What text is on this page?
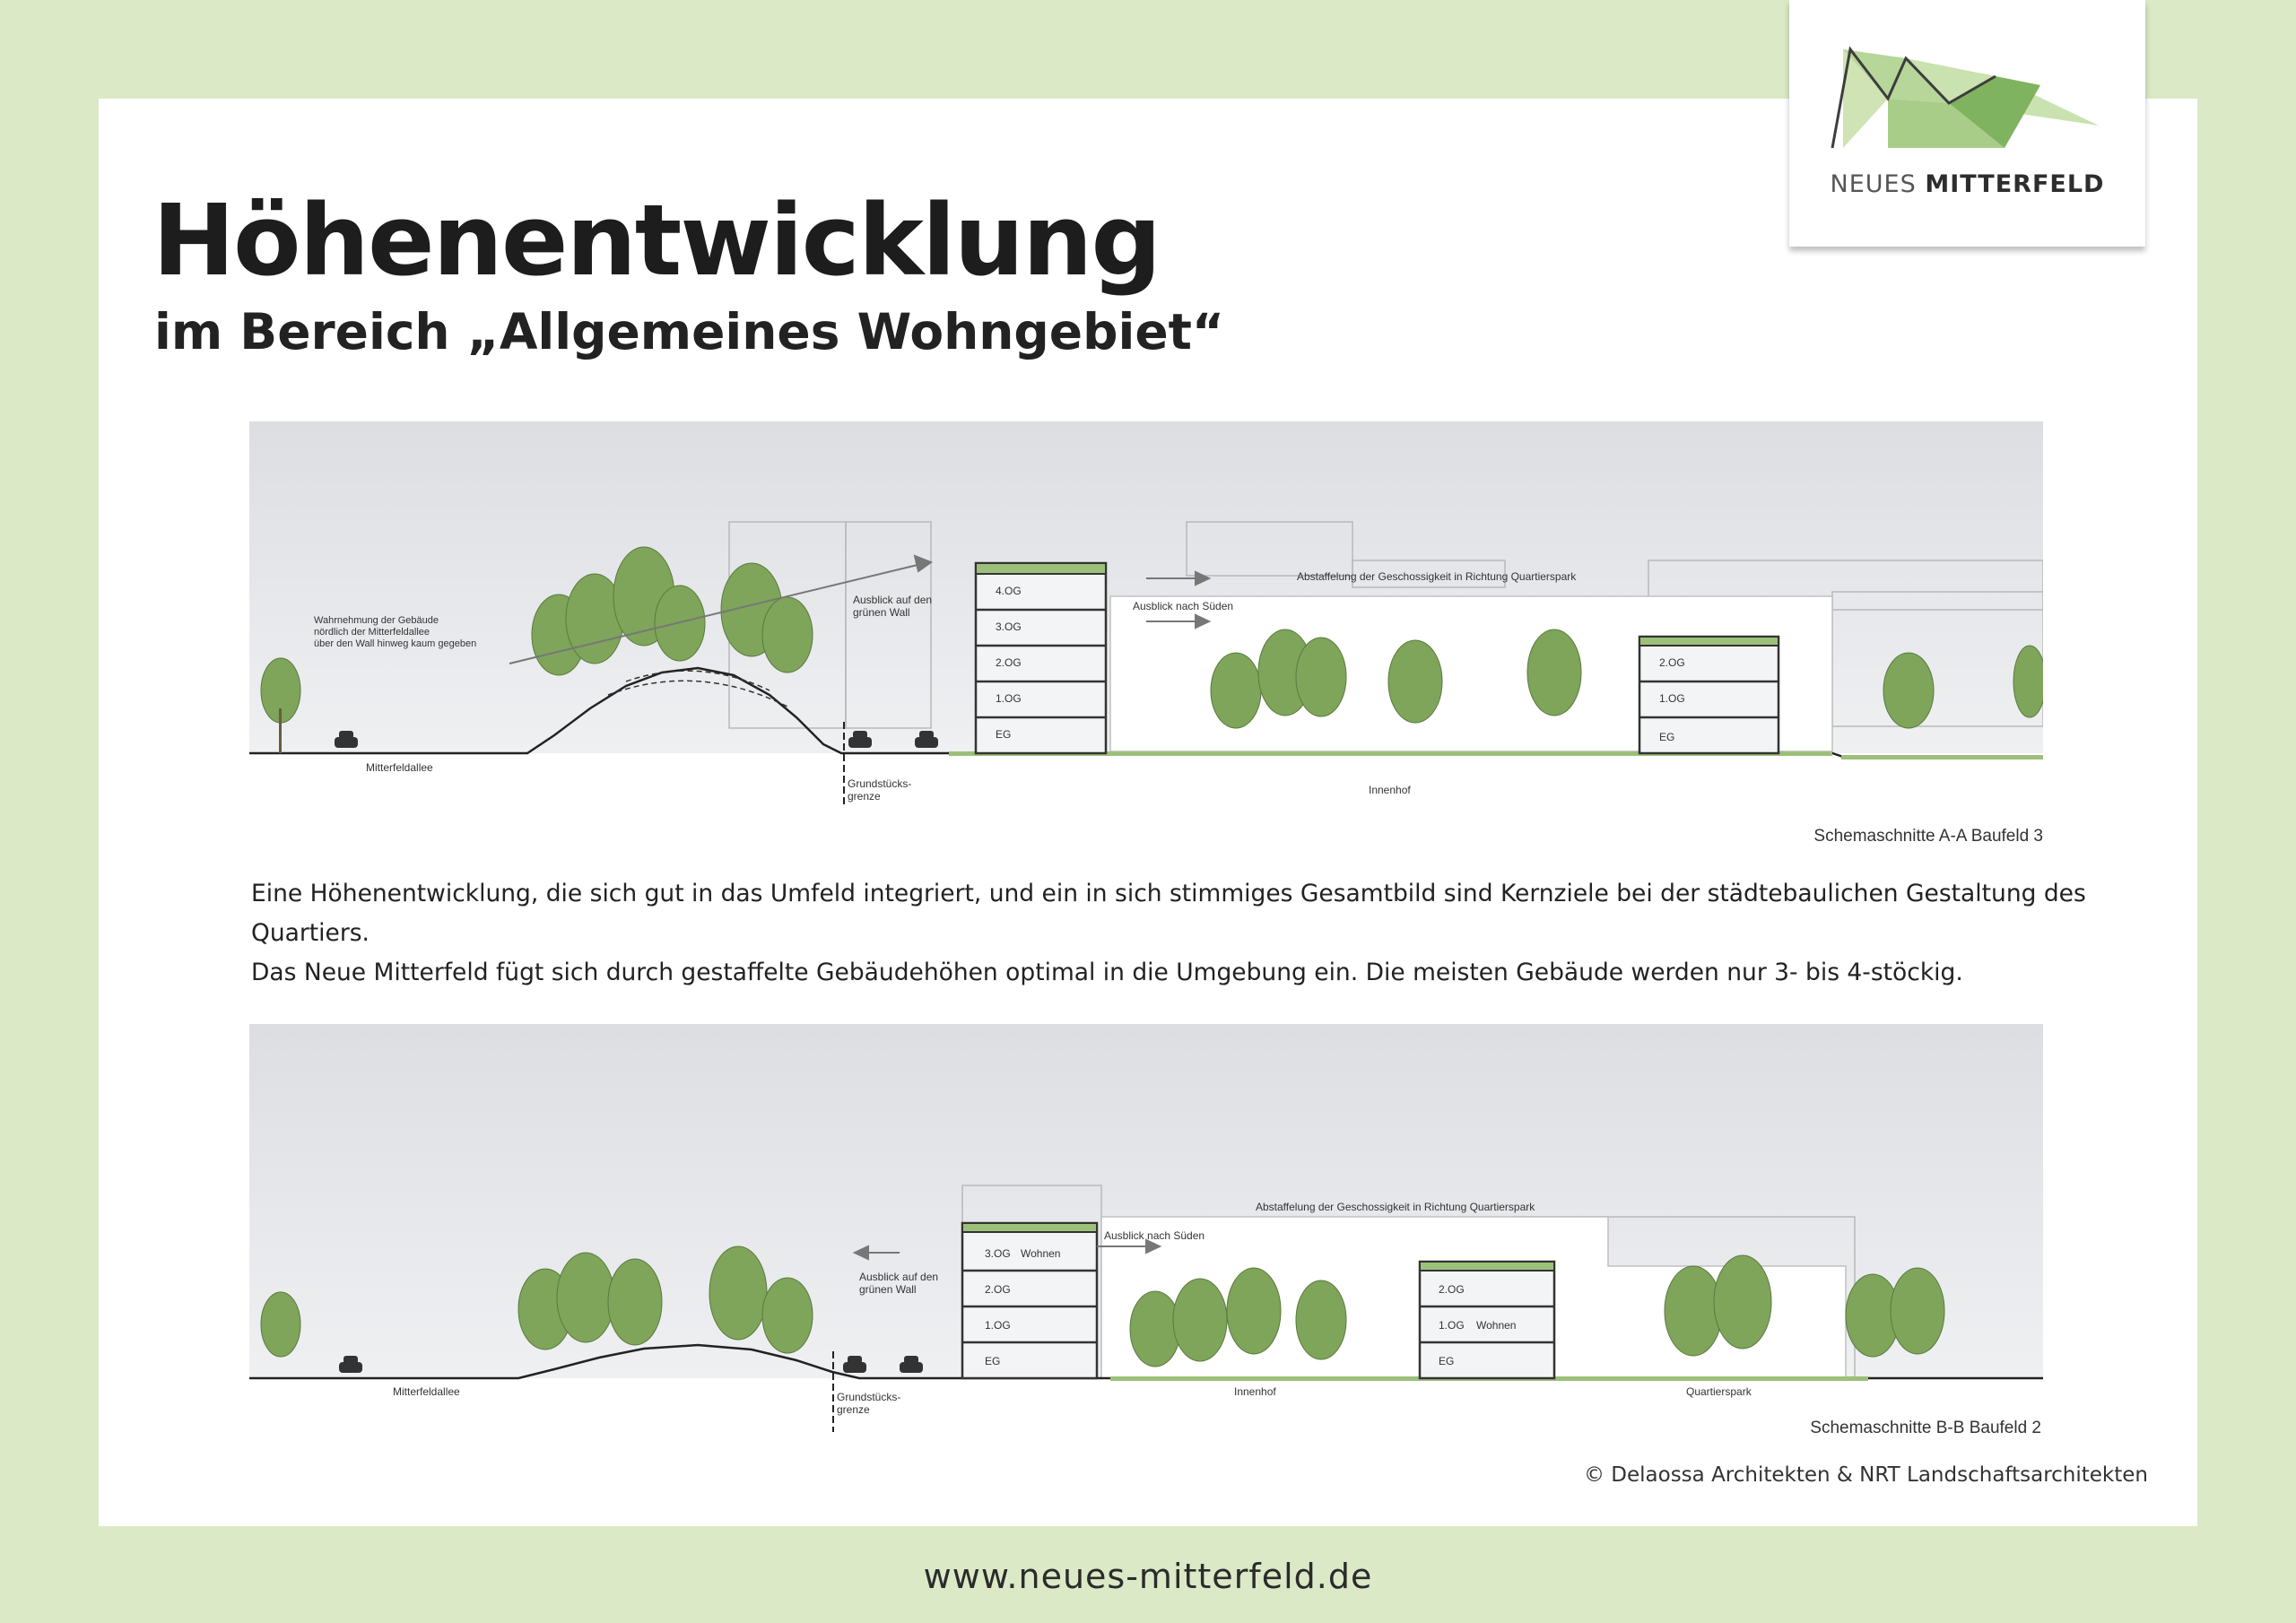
NEUES MITTERFELD
Höhenentwicklung
im Bereich „Allgemeines Wohngebiet“
4.OG
3.OG
2.OG
1.OG
EG
2.OG
1.OG
EG
Wahrnehmung der Gebäude
nördlich der Mitterfeldallee
über den Wall hinweg kaum gegeben
Ausblick auf den
grünen Wall	Ausblick nach Süden
Abstaffelung der Geschossigkeit in Richtung Quartierspark
Mitterfeldallee
Grundstücks-
grenze	Innenhof
Schemaschnitte A-A Baufeld 3

Eine Höhenentwicklung, die sich gut in das Umfeld integriert, und ein in sich stimmiges Gesamtbild sind Kernziele bei der städtebaulichen Gestaltung des Quartiers.
Das Neue Mitterfeld fügt sich durch gestaffelte Gebäudehöhen optimal in die Umgebung ein. Die meisten Gebäude werden nur 3- bis 4-stöckig.

3.OG Wohnen
2.OG
1.OG
EG
2.OG
1.OG Wohnen
EG
Ausblick auf den
grünen Wall
Ausblick nach Süden
Abstaffelung der Geschossigkeit in Richtung Quartierspark
Mitterfeldallee	Grundstücks-
grenze
Innenhof	Quartierspark
Schemaschnitte B-B Baufeld 2
© Delaossa Architekten & NRT Landschaftsarchitekten
www.neues-mitterfeld.de
